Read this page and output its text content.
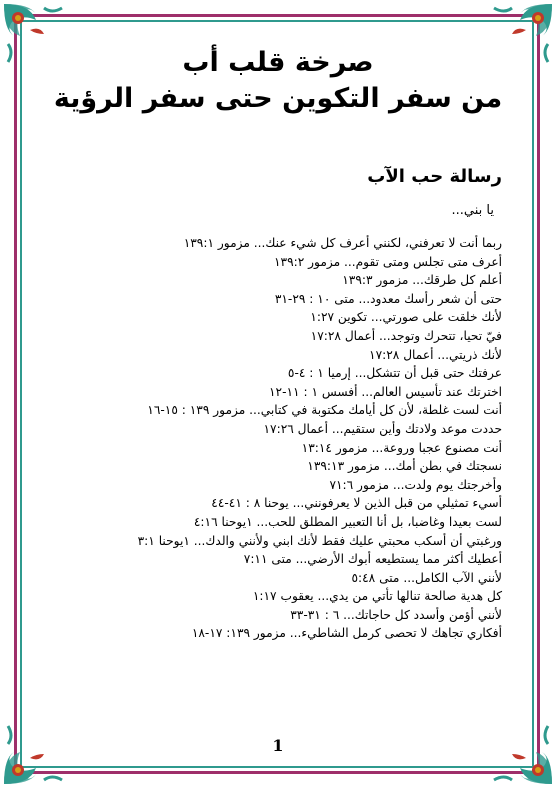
صرخة قلب أب
من سفر التكوين حتى سفر الرؤية
رسالة حب الآب
يا بني...
ربما أنت لا تعرفني، لكنني أعرف كل شيء عنك... مزمور ١٣٩:١
أعرف متى تجلس ومتى تقوم... مزمور ١٣٩:٢
أعلم كل طرقك... مزمور ١٣٩:٣
حتى أن شعر رأسك معدود... متى ١٠ : ٢٩-٣١
لأنك خلقت على صورتي... تكوين ١:٢٧
فيّ تحيا، تتحرك وتوجد... أعمال ١٧:٢٨
لأنك ذريتي... أعمال ١٧:٢٨
عرفتك حتى قبل أن تتشكل... إرميا ١ : ٤-٥
اخترتك عند تأسيس العالم... أفسس ١ : ١١-١٢
أنت لست غلطة، لأن كل أيامك مكتوبة في كتابي... مزمور ١٣٩ : ١٥-١٦
حددت موعد ولادتك وأين ستقيم... أعمال ١٧:٢٦
أنت مصنوع عجبا وروعة... مزمور ١٣:١٤
نسجتك في بطن أمك... مزمور ١٣٩:١٣
وأخرجتك يوم ولدت... مزمور ٧١:٦
أسيء تمثيلي من قبل الذين لا يعرفونني... يوحنا ٨ : ٤١-٤٤
لست بعيدا وغاضبا، بل أنا التعبير المطلق للحب... ١يوحنا ٤:١٦
ورغبتي أن أسكب محبتي عليك فقط لأنك ابني ولأنني والدك... ١يوحنا ٣:١
أعطيك أكثر مما يستطيعه أبوك الأرضي... متى ٧:١١
لأنني الآب الكامل... متى ٥:٤٨
كل هدية صالحة تنالها تأتي من يدي... يعقوب ١:١٧
لأنني أؤمن وأسدد كل حاجاتك... ٦ : ٣١-٣٣
أفكاري تجاهك لا تحصى كرمل الشاطيء... مزمور ١٣٩: ١٧-١٨
1
